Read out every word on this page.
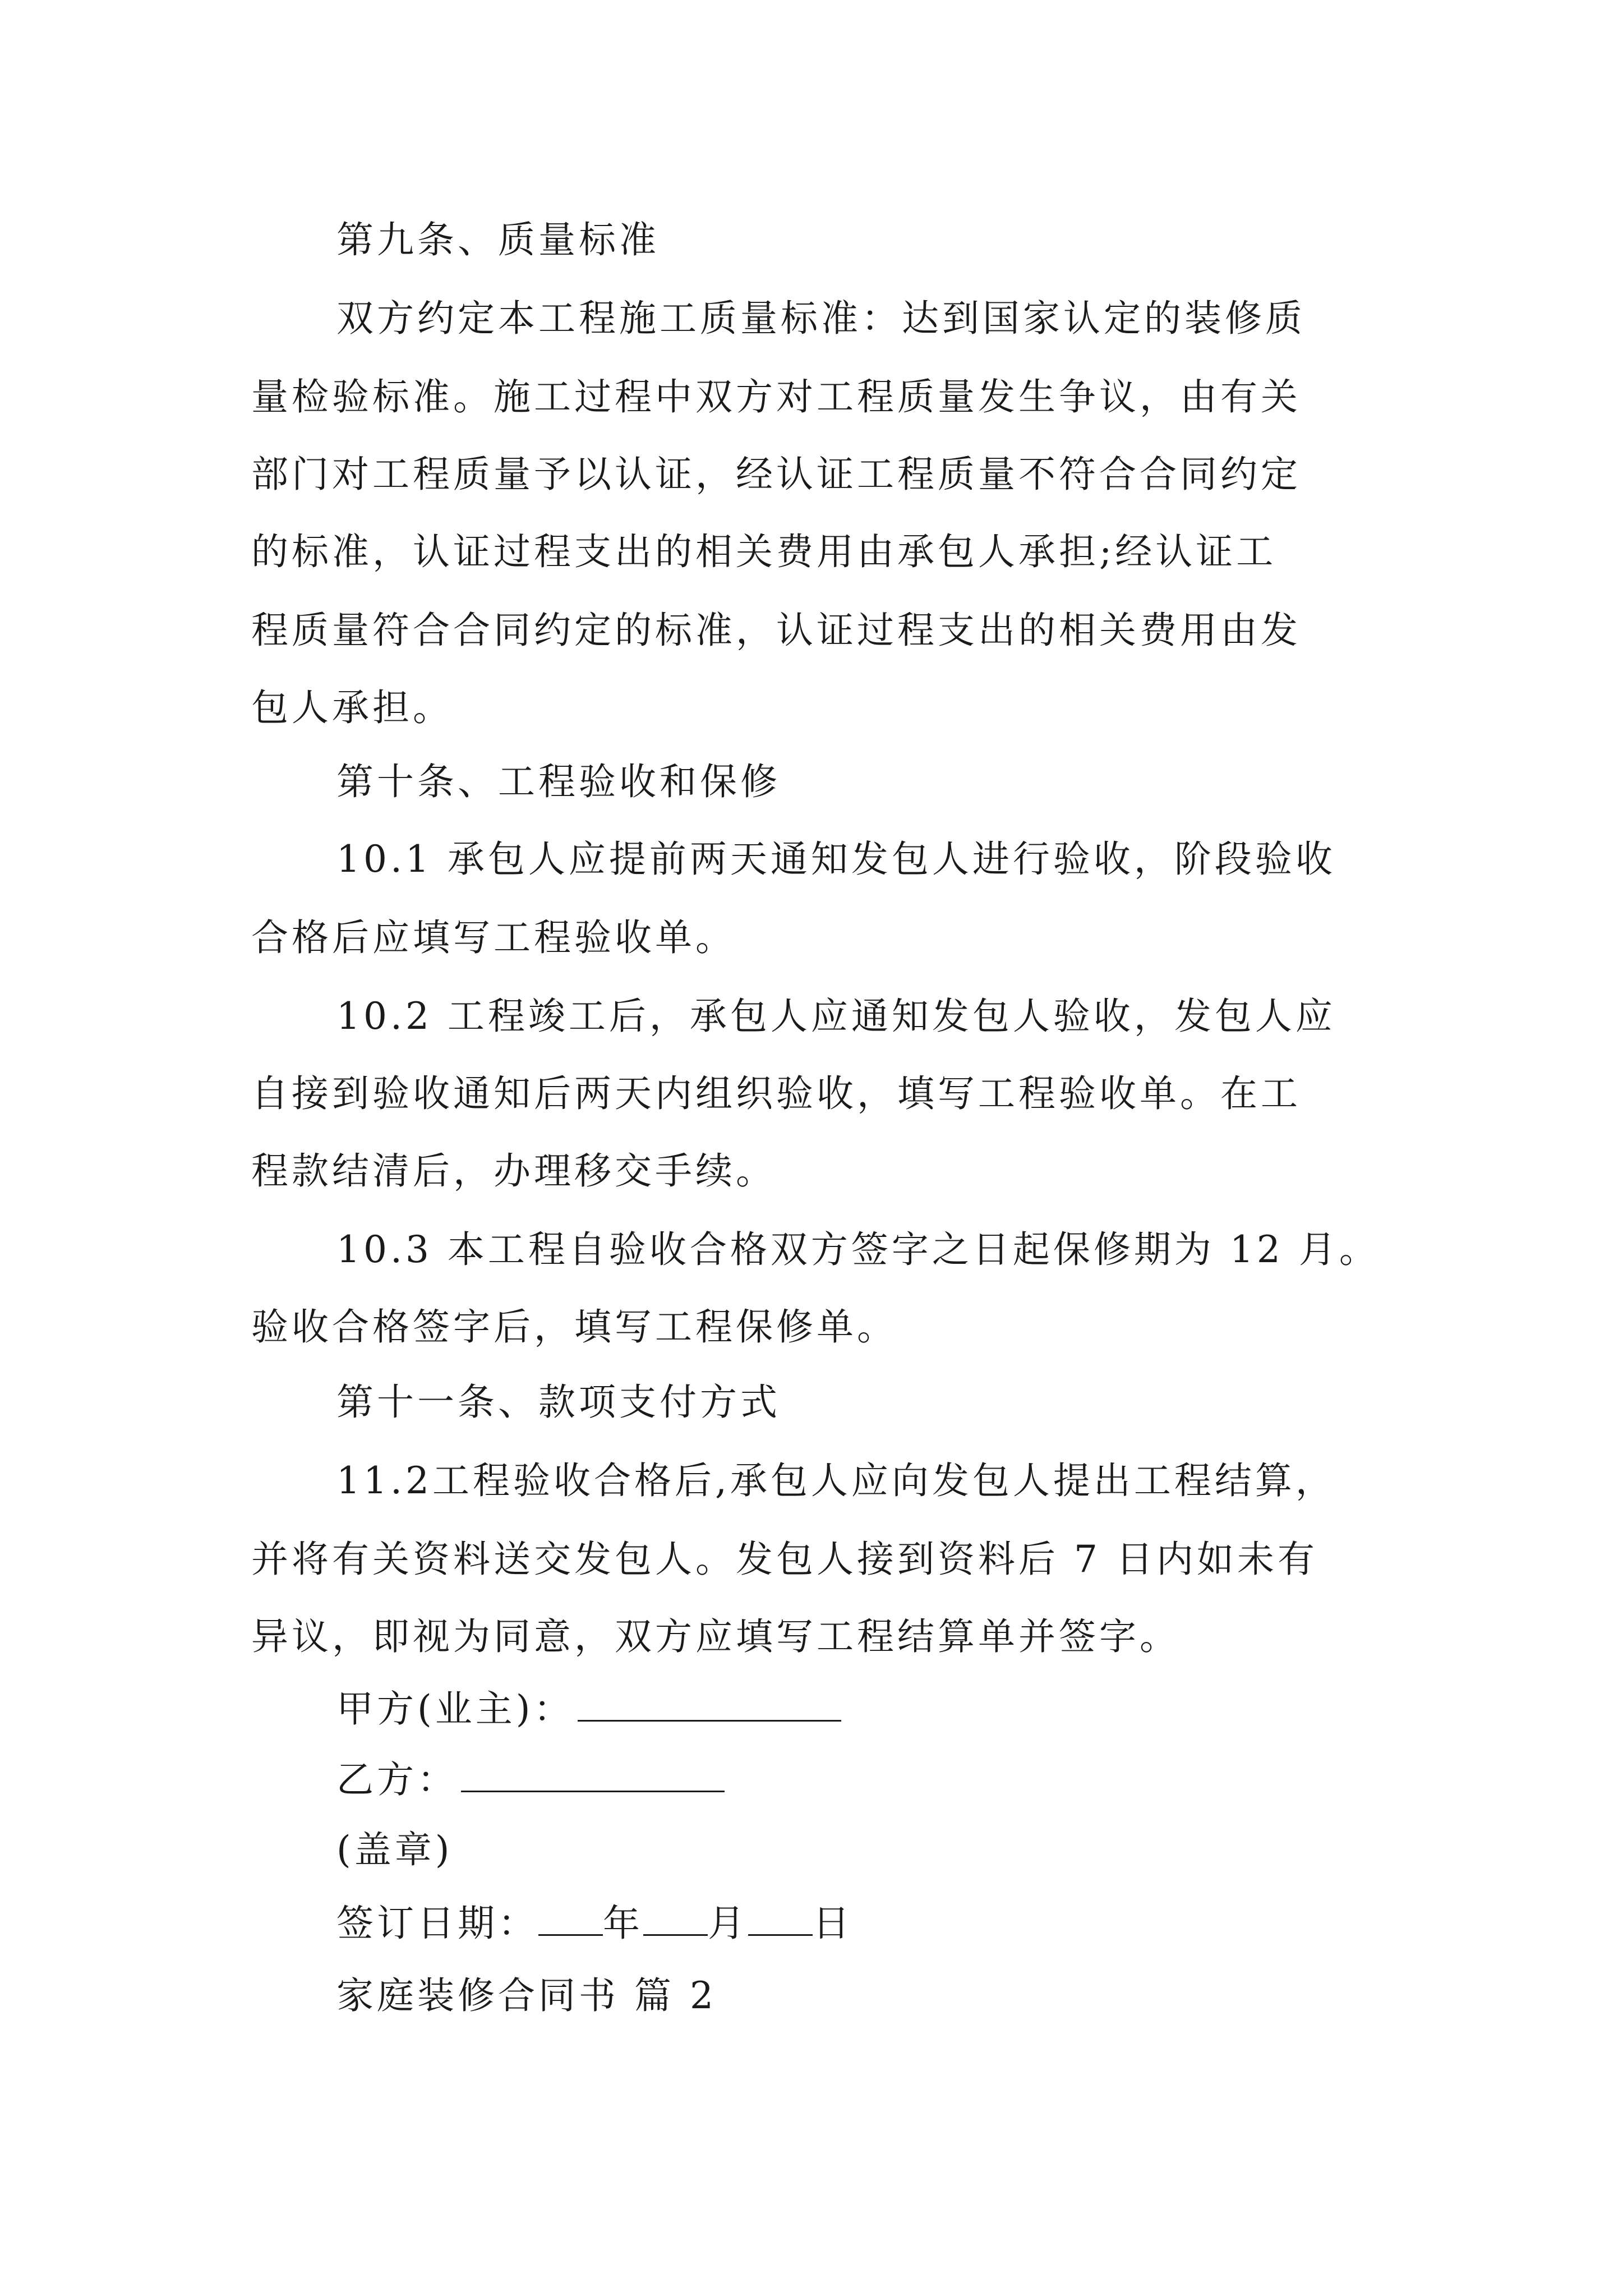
第九条、质量标准
双方约定本工程施工质量标准：达到国家认定的装修质
量检验标准。施工过程中双方对工程质量发生争议，由有关
部门对工程质量予以认证，经认证工程质量不符合合同约定
的标准，认证过程支出的相关费用由承包人承担;经认证工
程质量符合合同约定的标准，认证过程支出的相关费用由发
包人承担。
第十条、工程验收和保修
10.1 承包人应提前两天通知发包人进行验收，阶段验收
合格后应填写工程验收单。
10.2 工程竣工后，承包人应通知发包人验收，发包人应
自接到验收通知后两天内组织验收，填写工程验收单。在工
程款结清后，办理移交手续。
10.3 本工程自验收合格双方签字之日起保修期为 12 月。
验收合格签字后，填写工程保修单。
第十一条、款项支付方式
11.2工程验收合格后,承包人应向发包人提出工程结算，
并将有关资料送交发包人。发包人接到资料后 7 日内如未有
异议，即视为同意，双方应填写工程结算单并签字。
甲方(业主)：
乙方：
(盖章)
签订日期： 年 月 日
家庭装修合同书 篇 2
